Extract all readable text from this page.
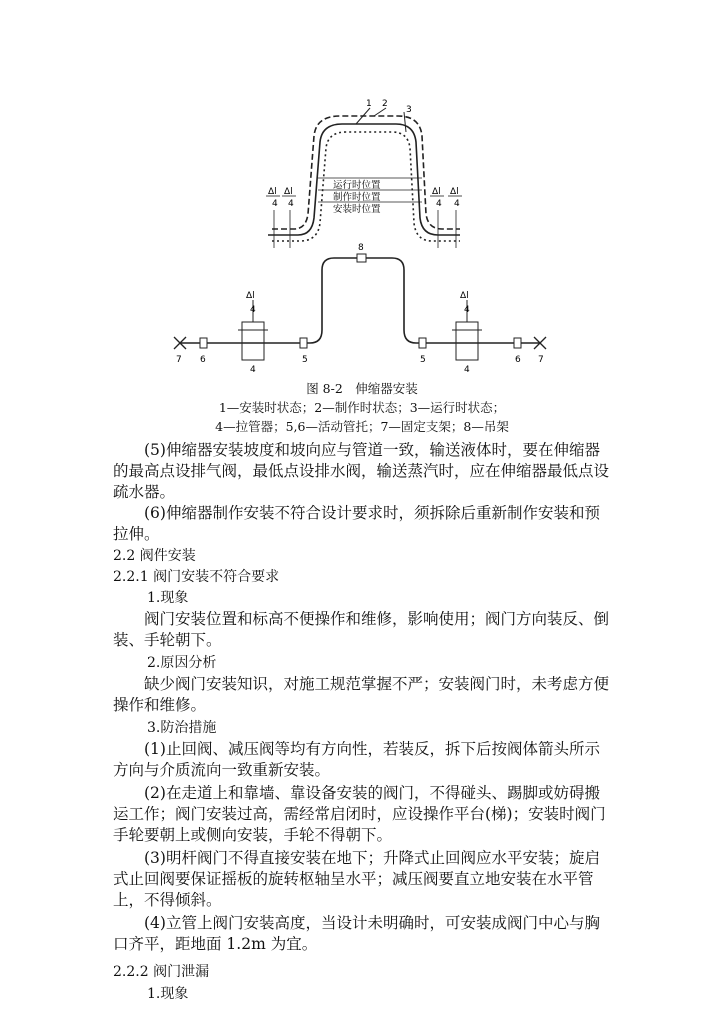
1 2
3
运行时位置
制作时位置
安装时位置
Δl
4
Δl
4
Δl
4
Δl
4
Δl
4
Δl
4
8
7 6
4
5	5
4
6 7
图 8-2　伸缩器安装
1—安装时状态；2—制作时状态；3—运行时状态；
4—拉管器；5,6—活动管托；7—固定支架；8—吊架
(5)伸缩器安装坡度和坡向应与管道一致，输送液体时，要在伸缩器的最高点设排气阀，最低点设排水阀，输送蒸汽时，应在伸缩器最低点设疏水器。
(6)伸缩器制作安装不符合设计要求时，须拆除后重新制作安装和预拉伸。
2.2 阀件安装
2.2.1 阀门安装不符合要求
1.现象
阀门安装位置和标高不便操作和维修，影响使用；阀门方向装反、倒装、手轮朝下。
2.原因分析
缺少阀门安装知识，对施工规范掌握不严；安装阀门时，未考虑方便操作和维修。
3.防治措施
(1)止回阀、减压阀等均有方向性，若装反，拆下后按阀体箭头所示方向与介质流向一致重新安装。
(2)在走道上和靠墙、靠设备安装的阀门，不得碰头、踢脚或妨碍搬运工作；阀门安装过高，需经常启闭时，应设操作平台(梯)；安装时阀门手轮要朝上或侧向安装，手轮不得朝下。
(3)明杆阀门不得直接安装在地下；升降式止回阀应水平安装；旋启式止回阀要保证摇板的旋转枢轴呈水平；减压阀要直立地安装在水平管上，不得倾斜。
(4)立管上阀门安装高度，当设计未明确时，可安装成阀门中心与胸口齐平，距地面 1.2m 为宜。
2.2.2 阀门泄漏
1.现象
